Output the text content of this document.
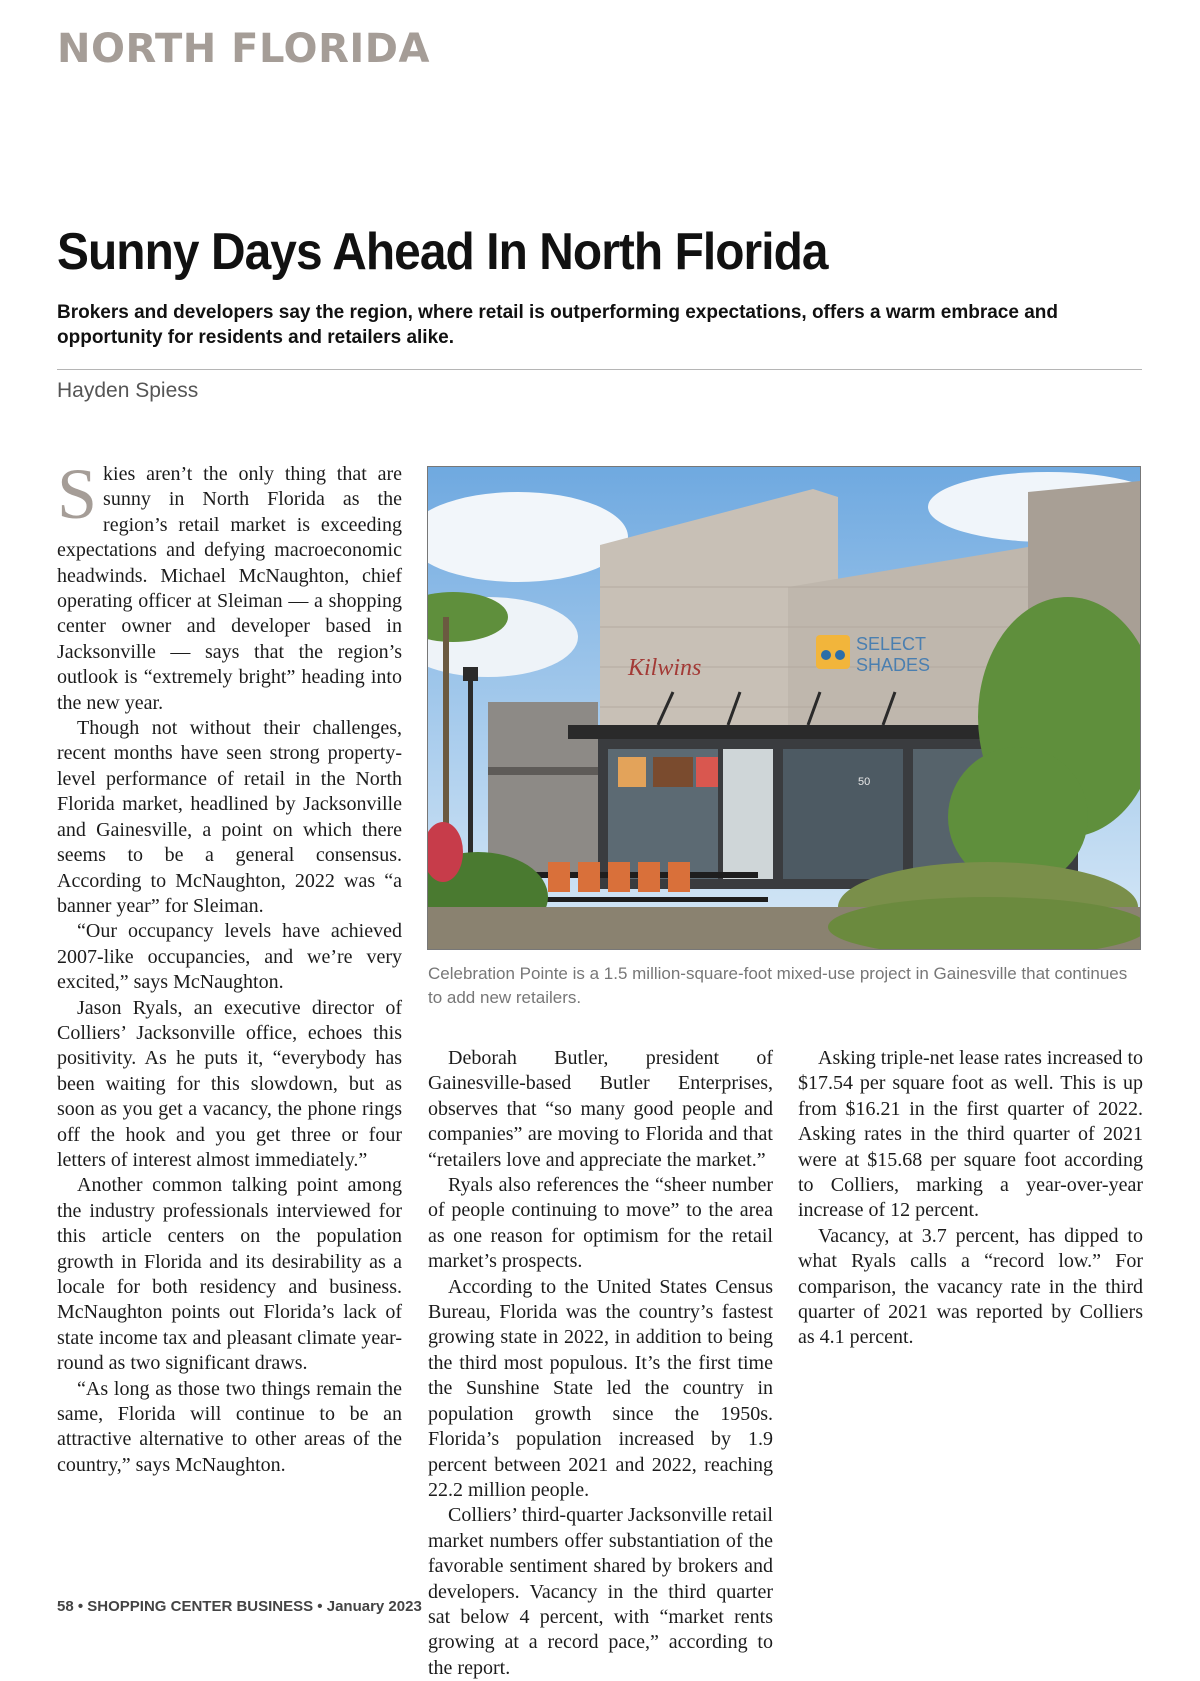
NORTH FLORIDA
Sunny Days Ahead In North Florida

Brokers and developers say the region, where retail is outperforming expectations, offers a warm embrace and opportunity for residents and retailers alike.

Hayden Spiess

Skies aren’t the only thing that are sunny in North Florida as the region’s retail market is exceeding expectations and defying macroeconomic headwinds. Michael McNaughton, chief operating officer at Sleiman — a shopping center owner and developer based in Jacksonville — says that the region’s outlook is “extremely bright” heading into the new year.

Though not without their challenges, recent months have seen strong property-level performance of retail in the North Florida market, headlined by Jacksonville and Gainesville, a point on which there seems to be a general consensus. According to McNaughton, 2022 was “a banner year” for Sleiman.

“Our occupancy levels have achieved 2007-like occupancies, and we’re very excited,” says McNaughton.

Jason Ryals, an executive director of Colliers’ Jacksonville office, echoes this positivity. As he puts it, “everybody has been waiting for this slowdown, but as soon as you get a vacancy, the phone rings off the hook and you get three or four letters of interest almost immediately.”

Another common talking point among the industry professionals interviewed for this article centers on the population growth in Florida and its desirability as a locale for both residency and business. McNaughton points out Florida’s lack of state income tax and pleasant climate year-round as two significant draws.

“As long as those two things remain the same, Florida will continue to be an attractive alternative to other areas of the country,” says McNaughton.

Kilwins
SELECT
SHADES
50

Celebration Pointe is a 1.5 million-square-foot mixed-use project in Gainesville that continues to add new retailers.

Deborah Butler, president of Gainesville-based Butler Enterprises, observes that “so many good people and companies” are moving to Florida and that “retailers love and appreciate the market.”

Ryals also references the “sheer number of people continuing to move” to the area as one reason for optimism for the retail market’s prospects.

According to the United States Census Bureau, Florida was the country’s fastest growing state in 2022, in addition to being the third most populous. It’s the first time the Sunshine State led the country in population growth since the 1950s. Florida’s population increased by 1.9 percent between 2021 and 2022, reaching 22.2 million people.

Colliers’ third-quarter Jacksonville retail market numbers offer substantiation of the favorable sentiment shared by brokers and developers. Vacancy in the third quarter sat below 4 percent, with “market rents growing at a record pace,” according to the report.

Asking triple-net lease rates increased to $17.54 per square foot as well. This is up from $16.21 in the first quarter of 2022. Asking rates in the third quarter of 2021 were at $15.68 per square foot according to Colliers, marking a year-over-year increase of 12 percent.

Vacancy, at 3.7 percent, has dipped to what Ryals calls a “record low.” For comparison, the vacancy rate in the third quarter of 2021 was reported by Colliers as 4.1 percent.

58 • SHOPPING CENTER BUSINESS • January 2023
